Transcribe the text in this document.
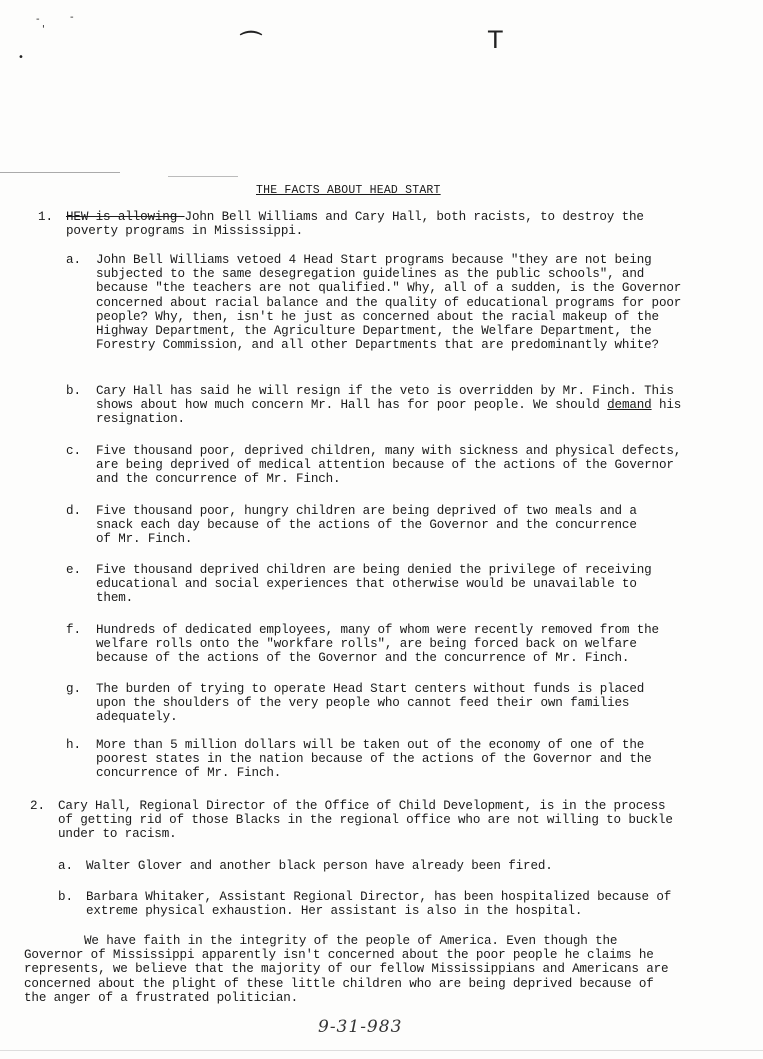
-	-
'
•
⌒	T
THE FACTS ABOUT HEAD START
1. HEW is allowing John Bell Williams and Cary Hall, both racists, to destroy the poverty programs in Mississippi.
a. John Bell Williams vetoed 4 Head Start programs because "they are not being subjected to the same desegregation guidelines as the public schools", and because "the teachers are not qualified." Why, all of a sudden, is the Governor concerned about racial balance and the quality of educational programs for poor people? Why, then, isn't he just as concerned about the racial makeup of the Highway Department, the Agriculture Department, the Welfare Department, the Forestry Commission, and all other Departments that are predominantly white?
b. Cary Hall has said he will resign if the veto is overridden by Mr. Finch. This shows about how much concern Mr. Hall has for poor people. We should demand his resignation.
c. Five thousand poor, deprived children, many with sickness and physical defects, are being deprived of medical attention because of the actions of the Governor and the concurrence of Mr. Finch.
d. Five thousand poor, hungry children are being deprived of two meals and a snack each day because of the actions of the Governor and the concurrence of Mr. Finch.
e. Five thousand deprived children are being denied the privilege of receiving educational and social experiences that otherwise would be unavailable to them.
f. Hundreds of dedicated employees, many of whom were recently removed from the welfare rolls onto the "workfare rolls", are being forced back on welfare because of the actions of the Governor and the concurrence of Mr. Finch.
g. The burden of trying to operate Head Start centers without funds is placed upon the shoulders of the very people who cannot feed their own families adequately.
h. More than 5 million dollars will be taken out of the economy of one of the poorest states in the nation because of the actions of the Governor and the concurrence of Mr. Finch.
2. Cary Hall, Regional Director of the Office of Child Development, is in the process of getting rid of those Blacks in the regional office who are not willing to buckle under to racism.
a. Walter Glover and another black person have already been fired.
b. Barbara Whitaker, Assistant Regional Director, has been hospitalized because of extreme physical exhaustion. Her assistant is also in the hospital.
We have faith in the integrity of the people of America. Even though the Governor of Mississippi apparently isn't concerned about the poor people he claims he represents, we believe that the majority of our fellow Mississippians and Americans are concerned about the plight of these little children who are being deprived because of the anger of a frustrated politician.
9-31-983
